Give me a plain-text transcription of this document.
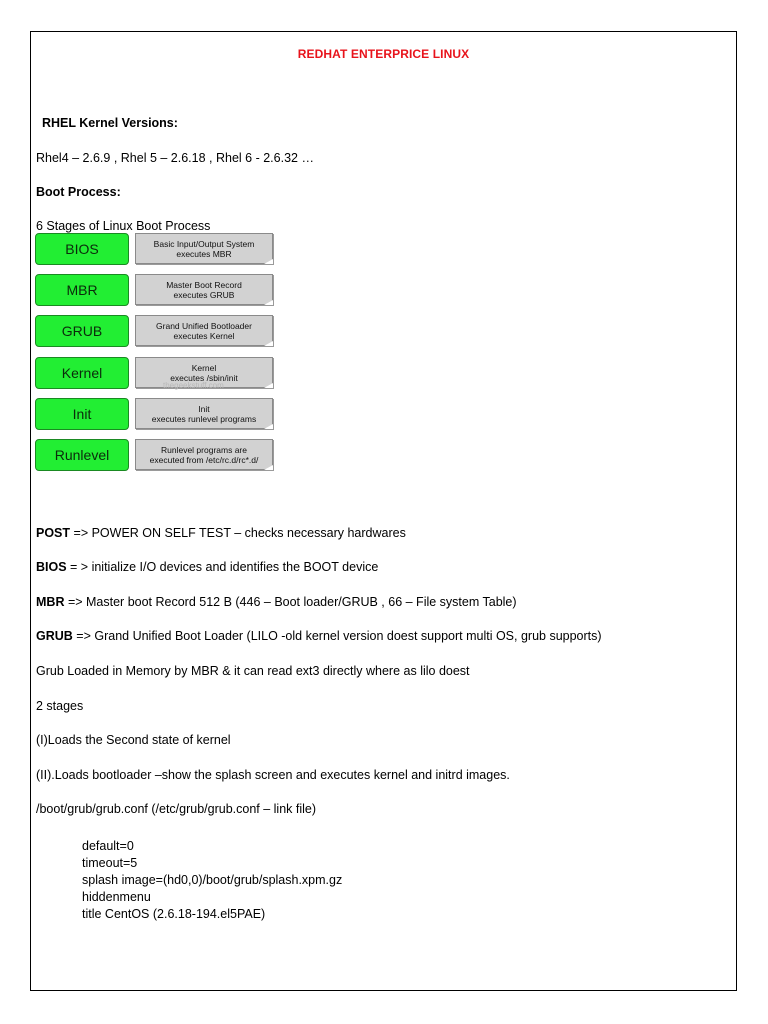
REDHAT ENTERPRICE LINUX
RHEL Kernel Versions:
Rhel4 – 2.6.9 , Rhel 5 – 2.6.18 , Rhel 6 - 2.6.32 …
Boot Process:
6 Stages of Linux Boot Process
BIOS	Basic Input/Output System
executes MBR
MBR	Master Boot Record
executes GRUB
GRUB	Grand Unified Bootloader
executes Kernel
Kernel	Kernel
executes /sbin/init
Init	Init
executes runlevel programs
Runlevel	Runlevel programs are
executed from /etc/rc.d/rc*.d/
thegeekstuff.com
POST => POWER ON SELF TEST – checks necessary hardwares
BIOS = > initialize I/O devices and identifies the BOOT device
MBR => Master boot Record 512 B (446 – Boot loader/GRUB , 66 – File system Table)
GRUB => Grand Unified Boot Loader (LILO -old kernel version doest support multi OS, grub supports)
Grub Loaded in Memory by MBR & it can read ext3 directly where as lilo doest
2 stages
(I)Loads the Second state of kernel
(II).Loads bootloader –show the splash screen and executes kernel and initrd images.
/boot/grub/grub.conf (/etc/grub/grub.conf – link file)
default=0
timeout=5
splash image=(hd0,0)/boot/grub/splash.xpm.gz
hiddenmenu
title CentOS (2.6.18-194.el5PAE)
